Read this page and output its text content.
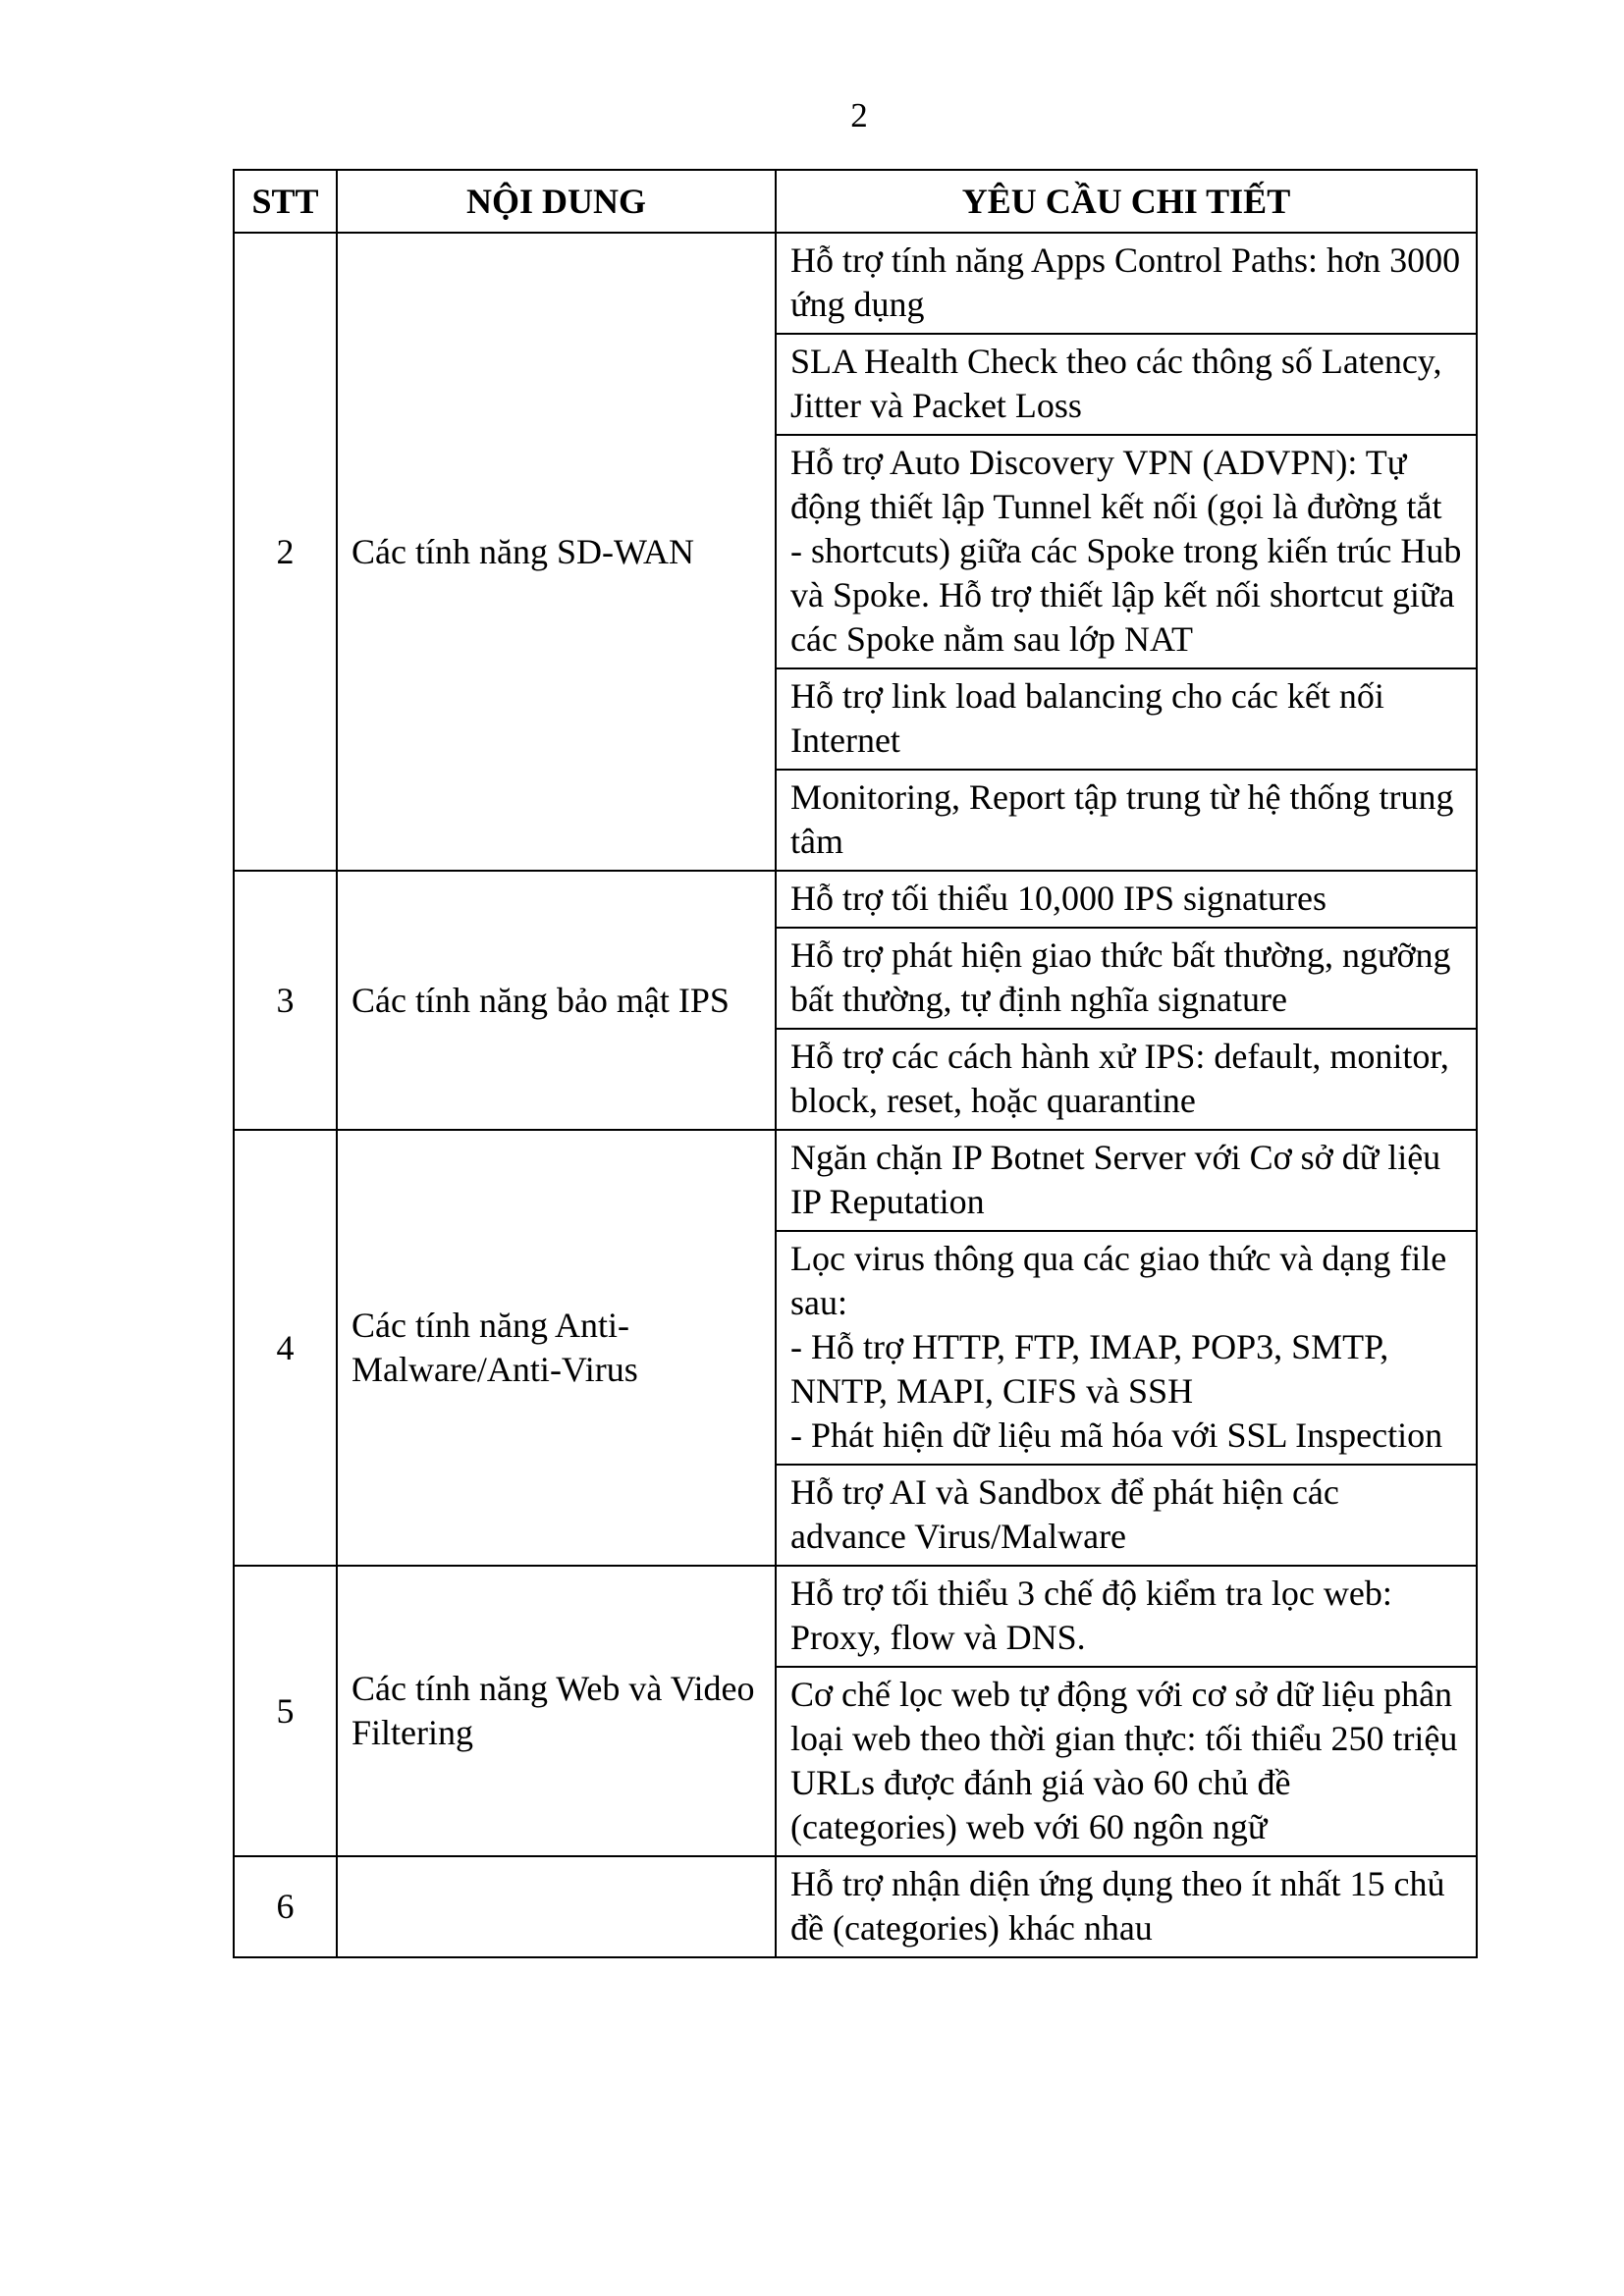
2
STT	NỘI DUNG	YÊU CẦU CHI TIẾT
2	Các tính năng SD-WAN	Hỗ trợ tính năng Apps Control Paths: hơn 3000 ứng dụng
		SLA Health Check theo các thông số Latency, Jitter và Packet Loss
		Hỗ trợ Auto Discovery VPN (ADVPN): Tự động thiết lập Tunnel kết nối (gọi là đường tắt - shortcuts) giữa các Spoke trong kiến trúc Hub và Spoke. Hỗ trợ thiết lập kết nối shortcut giữa các Spoke nằm sau lớp NAT
		Hỗ trợ link load balancing cho các kết nối Internet
		Monitoring, Report tập trung từ hệ thống trung tâm
3	Các tính năng bảo mật IPS	Hỗ trợ tối thiểu 10,000 IPS signatures
		Hỗ trợ phát hiện giao thức bất thường, ngưỡng bất thường, tự định nghĩa signature
		Hỗ trợ các cách hành xử IPS: default, monitor, block, reset, hoặc quarantine
4	Các tính năng Anti-Malware/Anti-Virus	Ngăn chặn IP Botnet Server với Cơ sở dữ liệu IP Reputation
		Lọc virus thông qua các giao thức và dạng file sau:
- Hỗ trợ HTTP, FTP, IMAP, POP3, SMTP, NNTP, MAPI, CIFS và SSH
- Phát hiện dữ liệu mã hóa với SSL Inspection
		Hỗ trợ AI và Sandbox để phát hiện các advance Virus/Malware
5	Các tính năng Web và Video Filtering	Hỗ trợ tối thiểu 3 chế độ kiểm tra lọc web: Proxy, flow và DNS.
		Cơ chế lọc web tự động với cơ sở dữ liệu phân loại web theo thời gian thực: tối thiểu 250 triệu URLs được đánh giá vào 60 chủ đề (categories) web với 60 ngôn ngữ
6		Hỗ trợ nhận diện ứng dụng theo ít nhất 15 chủ đề (categories) khác nhau
